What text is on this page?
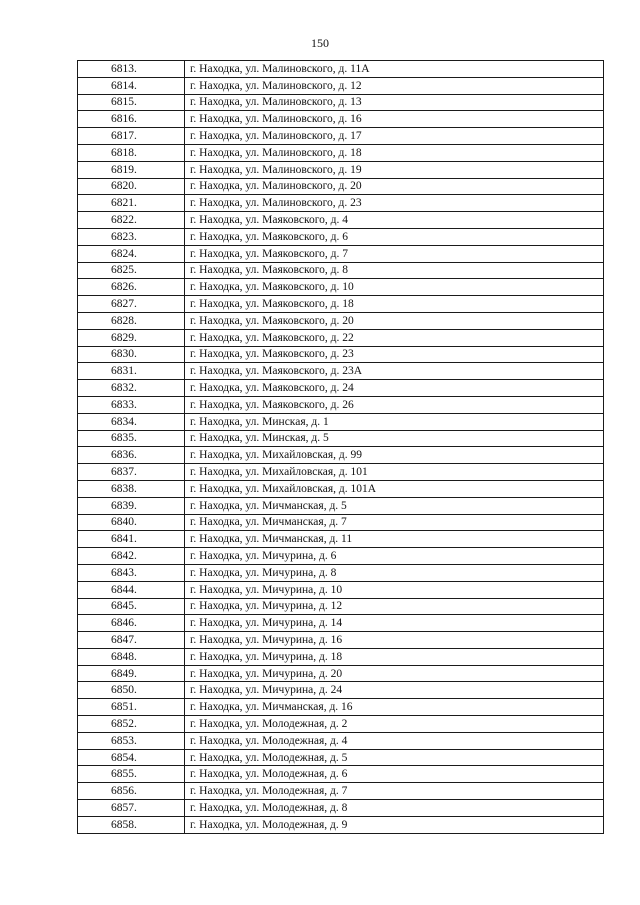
150
6813.	г. Находка, ул. Малиновского, д. 11А
6814.	г. Находка, ул. Малиновского, д. 12
6815.	г. Находка, ул. Малиновского, д. 13
6816.	г. Находка, ул. Малиновского, д. 16
6817.	г. Находка, ул. Малиновского, д. 17
6818.	г. Находка, ул. Малиновского, д. 18
6819.	г. Находка, ул. Малиновского, д. 19
6820.	г. Находка, ул. Малиновского, д. 20
6821.	г. Находка, ул. Малиновского, д. 23
6822.	г. Находка, ул. Маяковского, д. 4
6823.	г. Находка, ул. Маяковского, д. 6
6824.	г. Находка, ул. Маяковского, д. 7
6825.	г. Находка, ул. Маяковского, д. 8
6826.	г. Находка, ул. Маяковского, д. 10
6827.	г. Находка, ул. Маяковского, д. 18
6828.	г. Находка, ул. Маяковского, д. 20
6829.	г. Находка, ул. Маяковского, д. 22
6830.	г. Находка, ул. Маяковского, д. 23
6831.	г. Находка, ул. Маяковского, д. 23А
6832.	г. Находка, ул. Маяковского, д. 24
6833.	г. Находка, ул. Маяковского, д. 26
6834.	г. Находка, ул. Минская, д. 1
6835.	г. Находка, ул. Минская, д. 5
6836.	г. Находка, ул. Михайловская, д. 99
6837.	г. Находка, ул. Михайловская, д. 101
6838.	г. Находка, ул. Михайловская, д. 101А
6839.	г. Находка, ул. Мичманская, д. 5
6840.	г. Находка, ул. Мичманская, д. 7
6841.	г. Находка, ул. Мичманская, д. 11
6842.	г. Находка, ул. Мичурина, д. 6
6843.	г. Находка, ул. Мичурина, д. 8
6844.	г. Находка, ул. Мичурина, д. 10
6845.	г. Находка, ул. Мичурина, д. 12
6846.	г. Находка, ул. Мичурина, д. 14
6847.	г. Находка, ул. Мичурина, д. 16
6848.	г. Находка, ул. Мичурина, д. 18
6849.	г. Находка, ул. Мичурина, д. 20
6850.	г. Находка, ул. Мичурина, д. 24
6851.	г. Находка, ул. Мичманская, д. 16
6852.	г. Находка, ул. Молодежная, д. 2
6853.	г. Находка, ул. Молодежная, д. 4
6854.	г. Находка, ул. Молодежная, д. 5
6855.	г. Находка, ул. Молодежная, д. 6
6856.	г. Находка, ул. Молодежная, д. 7
6857.	г. Находка, ул. Молодежная, д. 8
6858.	г. Находка, ул. Молодежная, д. 9
